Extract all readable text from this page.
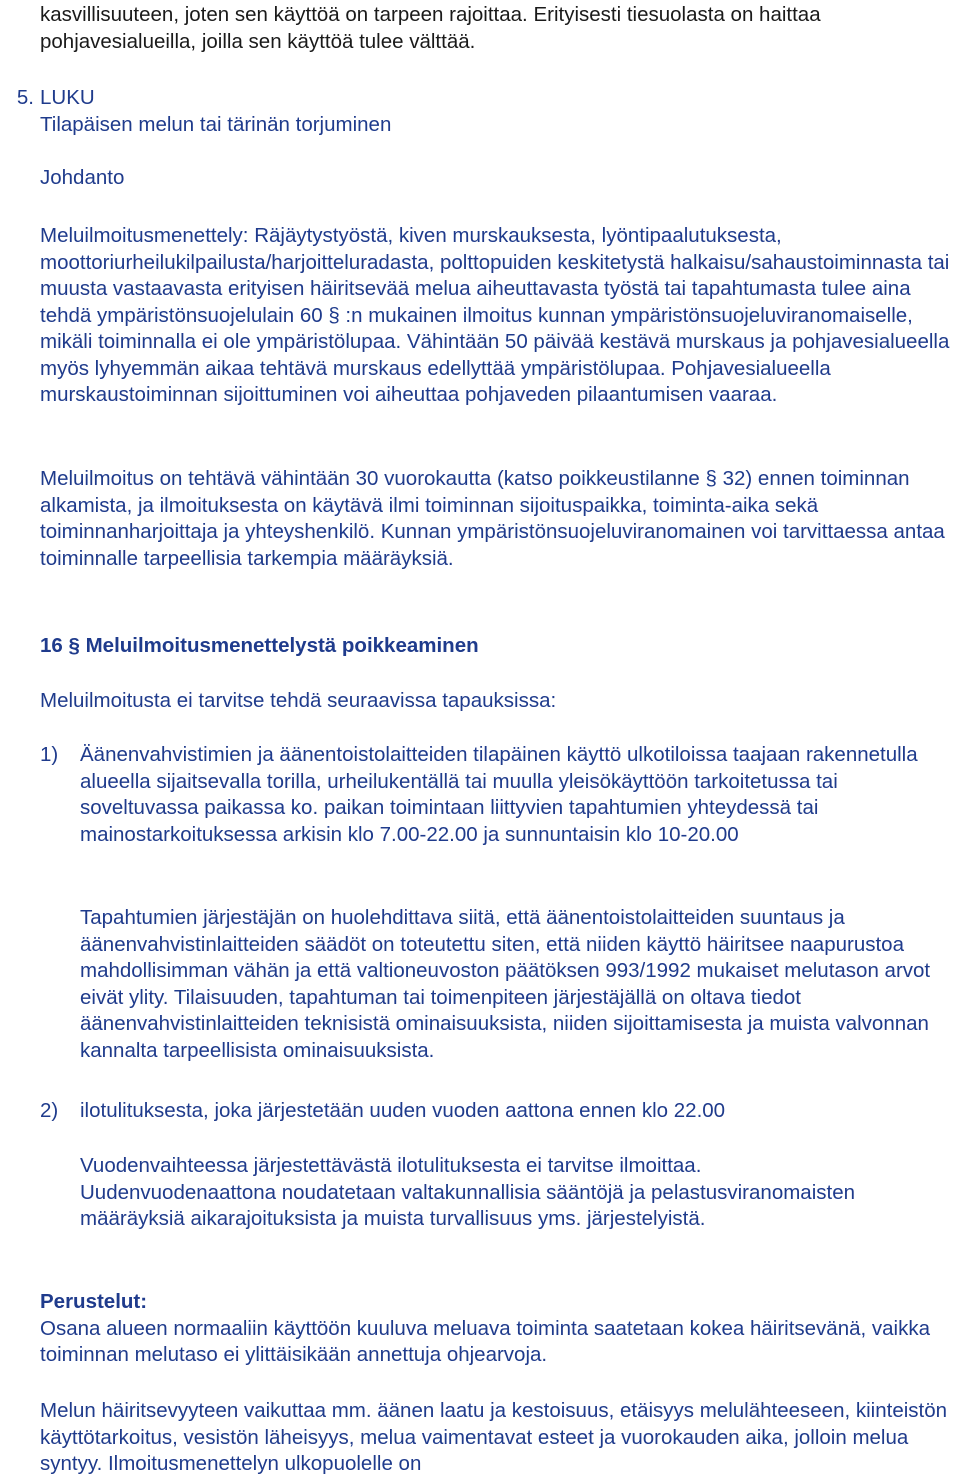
kasvillisuuteen, joten sen käyttöä on tarpeen rajoittaa. Erityisesti tiesuolasta on haittaa pohjavesialueilla, joilla sen käyttöä tulee välttää.

5. LUKU

Tilapäisen melun tai tärinän torjuminen

Johdanto

Meluilmoitusmenettely: Räjäytystyöstä, kiven murskauksesta, lyöntipaalutuksesta, moottoriurheilukilpailusta/harjoitteluradasta, polttopuiden keskitetystä halkaisu/sahaustoiminnasta tai muusta vastaavasta erityisen häiritsevää melua aiheuttavasta työstä tai tapahtumasta tulee aina tehdä ympäristönsuojelulain 60 § :n mukainen ilmoitus kunnan ympäristönsuojeluviranomaiselle, mikäli toiminnalla ei ole ympäristölupaa. Vähintään 50 päivää kestävä murskaus ja pohjavesialueella myös lyhyemmän aikaa tehtävä murskaus edellyttää ympäristölupaa. Pohjavesialueella murskaustoiminnan sijoittuminen voi aiheuttaa pohjaveden pilaantumisen vaaraa.

Meluilmoitus on tehtävä vähintään 30 vuorokautta (katso poikkeustilanne § 32) ennen toiminnan alkamista, ja ilmoituksesta on käytävä ilmi toiminnan sijoituspaikka, toiminta-aika sekä toiminnanharjoittaja ja yhteyshenkilö. Kunnan ympäristönsuojeluviranomainen voi tarvittaessa antaa toiminnalle tarpeellisia tarkempia määräyksiä.

16 § Meluilmoitusmenettelystä poikkeaminen

Meluilmoitusta ei tarvitse tehdä seuraavissa tapauksissa:

1)	Äänenvahvistimien ja äänentoistolaitteiden tilapäinen käyttö ulkotiloissa taajaan rakennetulla alueella sijaitsevalla torilla, urheilukentällä tai muulla yleisökäyttöön tarkoitetussa tai soveltuvassa paikassa ko. paikan toimintaan liittyvien tapahtumien yhteydessä tai mainostarkoituksessa arkisin klo 7.00-22.00 ja sunnuntaisin klo 10-20.00

Tapahtumien järjestäjän on huolehdittava siitä, että äänentoistolaitteiden suuntaus ja äänenvahvistinlaitteiden säädöt on toteutettu siten, että niiden käyttö häiritsee naapurustoa mahdollisimman vähän ja että valtioneuvoston päätöksen 993/1992 mukaiset melutason arvot eivät ylity. Tilaisuuden, tapahtuman tai toimenpiteen järjestäjällä on oltava tiedot äänenvahvistinlaitteiden teknisistä ominaisuuksista, niiden sijoittamisesta ja muista valvonnan kannalta tarpeellisista ominaisuuksista.

2)	ilotulituksesta, joka järjestetään uuden vuoden aattona ennen klo 22.00

Vuodenvaihteessa järjestettävästä ilotulituksesta ei tarvitse ilmoittaa.
Uudenvuodenaattona noudatetaan valtakunnallisia sääntöjä ja pelastusviranomaisten määräyksiä aikarajoituksista ja muista turvallisuus yms. järjestelyistä.

Perustelut:

Osana alueen normaaliin käyttöön kuuluva meluava toiminta saatetaan kokea häiritsevänä, vaikka toiminnan melutaso ei ylittäisikään annettuja ohjearvoja.

Melun häiritsevyyteen vaikuttaa mm. äänen laatu ja kestoisuus, etäisyys melulähteeseen, kiinteistön käyttötarkoitus, vesistön läheisyys, melua vaimentavat esteet ja vuorokauden aika, jolloin melua syntyy. Ilmoitusmenettelyn ulkopuolelle on
